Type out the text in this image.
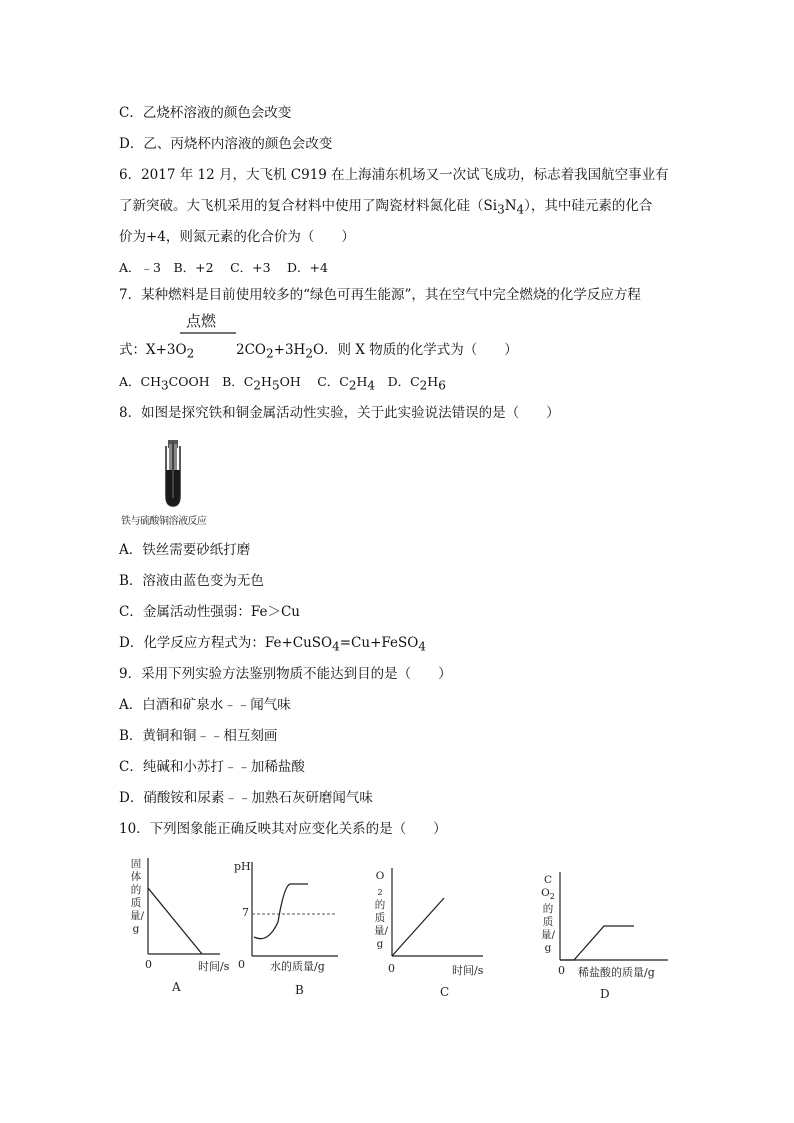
C．乙烧杯溶液的颜色会改变
D．乙、丙烧杯内溶液的颜色会改变
6．2017 年 12 月，大飞机 C919 在上海浦东机场又一次试飞成功，标志着我国航空事业有
了新突破。大飞机采用的复合材料中使用了陶瓷材料氮化硅$(Si_3N_4)$，其中硅元素的化合
价为+4，则氮元素的化合价为（　　）
A．﹣3　B．+2　 C．+3　 D．+4
7．某种燃料是目前使用较多的“绿色可再生能源”，其在空气中完全燃烧的化学反应方程
点燃
式：$X+3O_2$	$2CO_2+3H_2O$．则 X 物质的化学式为（　　）
A．$CH_3COOH$　 B．$C_2H_5OH$　 C．$C_2H_4$　 D．$C_2H_6$
8．如图是探究铁和铜金属活动性实验，关于此实验说法错误的是（　　）
铁与硫酸铜溶液反应
A．铁丝需要砂纸打磨
B．溶液由蓝色变为无色
C．金属活动性强弱：Fe＞Cu
D．化学反应方程式为：Fe+CuSO$_4$=Cu+FeSO$_4$
9．采用下列实验方法鉴别物质不能达到目的是（　　）
A．白酒和矿泉水﹣﹣闻气味
B．黄铜和铜﹣﹣相互刻画
C．纯碱和小苏打﹣﹣加稀盐酸
D．硝酸铵和尿素﹣﹣加熟石灰研磨闻气味
10．下列图象能正确反映其对应变化关系的是（　　）
固体的质量/g
0	时间/s
A
pH
7
0 水的质量/g
B
$O_2$的质量/g
0	时间/s
C
$CO_2$的质量/g
0 稀盐酸的质量/g
D
